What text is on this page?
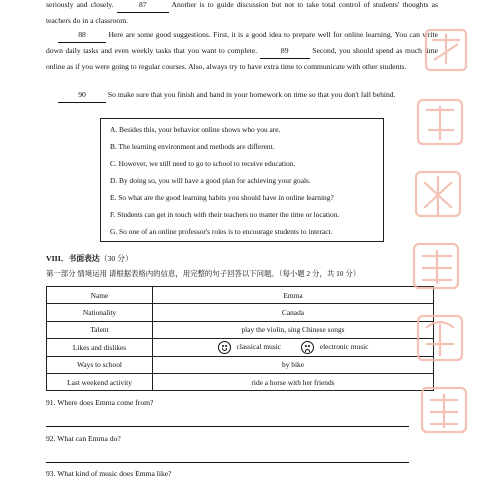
seriously and closely.	87	Another is to guide discussion but not to take total control of students' thoughts as teachers do in a classroom.
88	Here are some good suggestions. First, it is a good idea to prepare well for online learning. You can write down daily tasks and even weekly tasks that you want to complete.	89	Second, you should spend as much time online as if you were going to regular courses. Also, always try to have extra time to communicate with other students.
90	So make sure that you finish and hand in your homework on time so that you don't fall behind.
A. Besides this, your behavior online shows who you are.
B. The learning environment and methods are different.
C. However, we still need to go to school to receive education.
D. By doing so, you will have a good plan for achieving your goals.
E. So what are the good learning habits you should have in online learning?
F. Students can get in touch with their teachers no matter the time or location.
G. So one of an online professor's roles is to encourage students to interact.
VIII．书面表达（30 分）
第一部分 情境运用 请根据表格内的信息，用完整的句子回答以下问题。（每小题 2 分，共 10 分）
Name	Emma
Nationality	Canada
Talent	play the violin, sing Chinese songs
Likes and dislikes	classical music electronic music
Ways to school	by bike
Last weekend activity	ride a horse with her friends
91. Where does Emma come from?
92. What can Emma do?
93. What kind of music does Emma like?
